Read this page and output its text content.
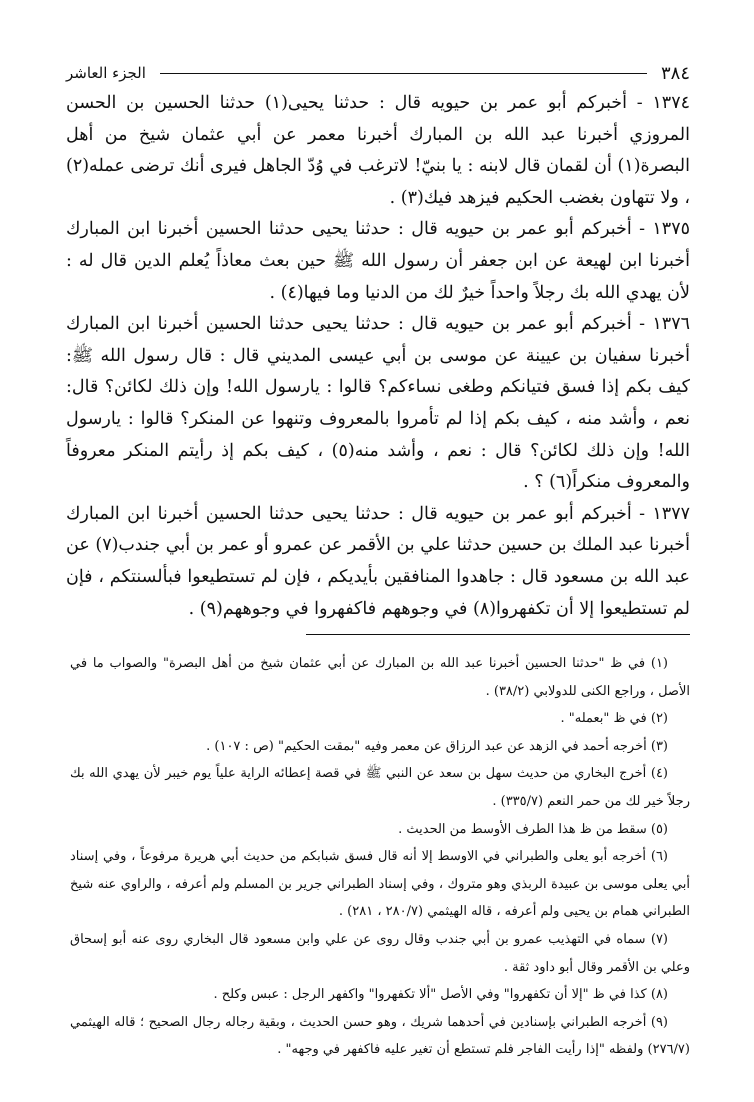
٣٨٤
الجزء العاشر

١٣٧٤ - أخبركم أبو عمر بن حيويه قال : حدثنا يحيى(١) حدثنا الحسين بن الحسن المروزي أخبرنا عبد الله بن المبارك أخبرنا معمر عن أبي عثمان شيخ من أهل البصرة(١) أن لقمان قال لابنه : يا بنيّ! لاترغب في وُدّ الجاهل فيرى أنك ترضى عمله(٢) ، ولا تتهاون بغضب الحكيم فيزهد فيك(٣) .

١٣٧٥ - أخبركم أبو عمر بن حيويه قال : حدثنا يحيى حدثنا الحسين أخبرنا ابن المبارك أخبرنا ابن لهيعة عن ابن جعفر أن رسول الله ﷺ حين بعث معاذاً يُعلم الدين قال له : لأن يهدي الله بك رجلاً واحداً خيرٌ لك من الدنيا وما فيها(٤) .

١٣٧٦ - أخبركم أبو عمر بن حيويه قال : حدثنا يحيى حدثنا الحسين أخبرنا ابن المبارك أخبرنا سفيان بن عيينة عن موسى بن أبي عيسى المديني قال : قال رسول الله ﷺ: كيف بكم إذا فسق فتيانكم وطغى نساءكم؟ قالوا : يارسول الله! وإن ذلك لكائن؟ قال: نعم ، وأشد منه ، كيف بكم إذا لم تأمروا بالمعروف وتنهوا عن المنكر؟ قالوا : يارسول الله! وإن ذلك لكائن؟ قال : نعم ، وأشد منه(٥) ، كيف بكم إذ رأيتم المنكر معروفاً والمعروف منكراً(٦) ؟ .

١٣٧٧ - أخبركم أبو عمر بن حيويه قال : حدثنا يحيى حدثنا الحسين أخبرنا ابن المبارك أخبرنا عبد الملك بن حسين حدثنا علي بن الأقمر عن عمرو أو عمر بن أبي جندب(٧) عن عبد الله بن مسعود قال : جاهدوا المنافقين بأيديكم ، فإن لم تستطيعوا فبألسنتكم ، فإن لم تستطيعوا إلا أن تكفهروا(٨) في وجوههم فاكفهروا في وجوههم(٩) .

(١) في ظ "حدثنا الحسين أخبرنا عبد الله بن المبارك عن أبي عثمان شيخ من أهل البصرة" والصواب ما في الأصل ، وراجع الكنى للدولابي (٣٨/٢) .

(٢) في ظ "بعمله" .

(٣) أخرجه أحمد في الزهد عن عبد الرزاق عن معمر وفيه "بمقت الحكيم" (ص : ١٠٧) .

(٤) أخرج البخاري من حديث سهل بن سعد عن النبي ﷺ في قصة إعطائه الراية علياً يوم خيبر لأن يهدي الله بك رجلاً خير لك من حمر النعم (٣٣٥/٧) .

(٥) سقط من ظ هذا الطرف الأوسط من الحديث .

(٦) أخرجه أبو يعلى والطبراني في الاوسط إلا أنه قال فسق شبابكم من حديث أبي هريرة مرفوعاً ، وفي إسناد أبي يعلى موسى بن عبيدة الربذي وهو متروك ، وفي إسناد الطبراني جرير بن المسلم ولم أعرفه ، والراوي عنه شيخ الطبراني همام بن يحيى ولم أعرفه ، قاله الهيثمي (٢٨٠/٧ ، ٢٨١) .

(٧) سماه في التهذيب عمرو بن أبي جندب وقال روى عن علي وابن مسعود قال البخاري روى عنه أبو إسحاق وعلي بن الأقمر وقال أبو داود ثقة .

(٨) كذا في ظ "إلا أن تكفهروا" وفي الأصل "ألا تكفهروا" واكفهر الرجل : عبس وكلح .

(٩) أخرجه الطبراني بإسنادين في أحدهما شريك ، وهو حسن الحديث ، وبقية رجاله رجال الصحيح ؛ قاله الهيثمي (٢٧٦/٧) ولفظه "إذا رأيت الفاجر فلم تستطع أن تغير عليه فاكفهر في وجهه" .
